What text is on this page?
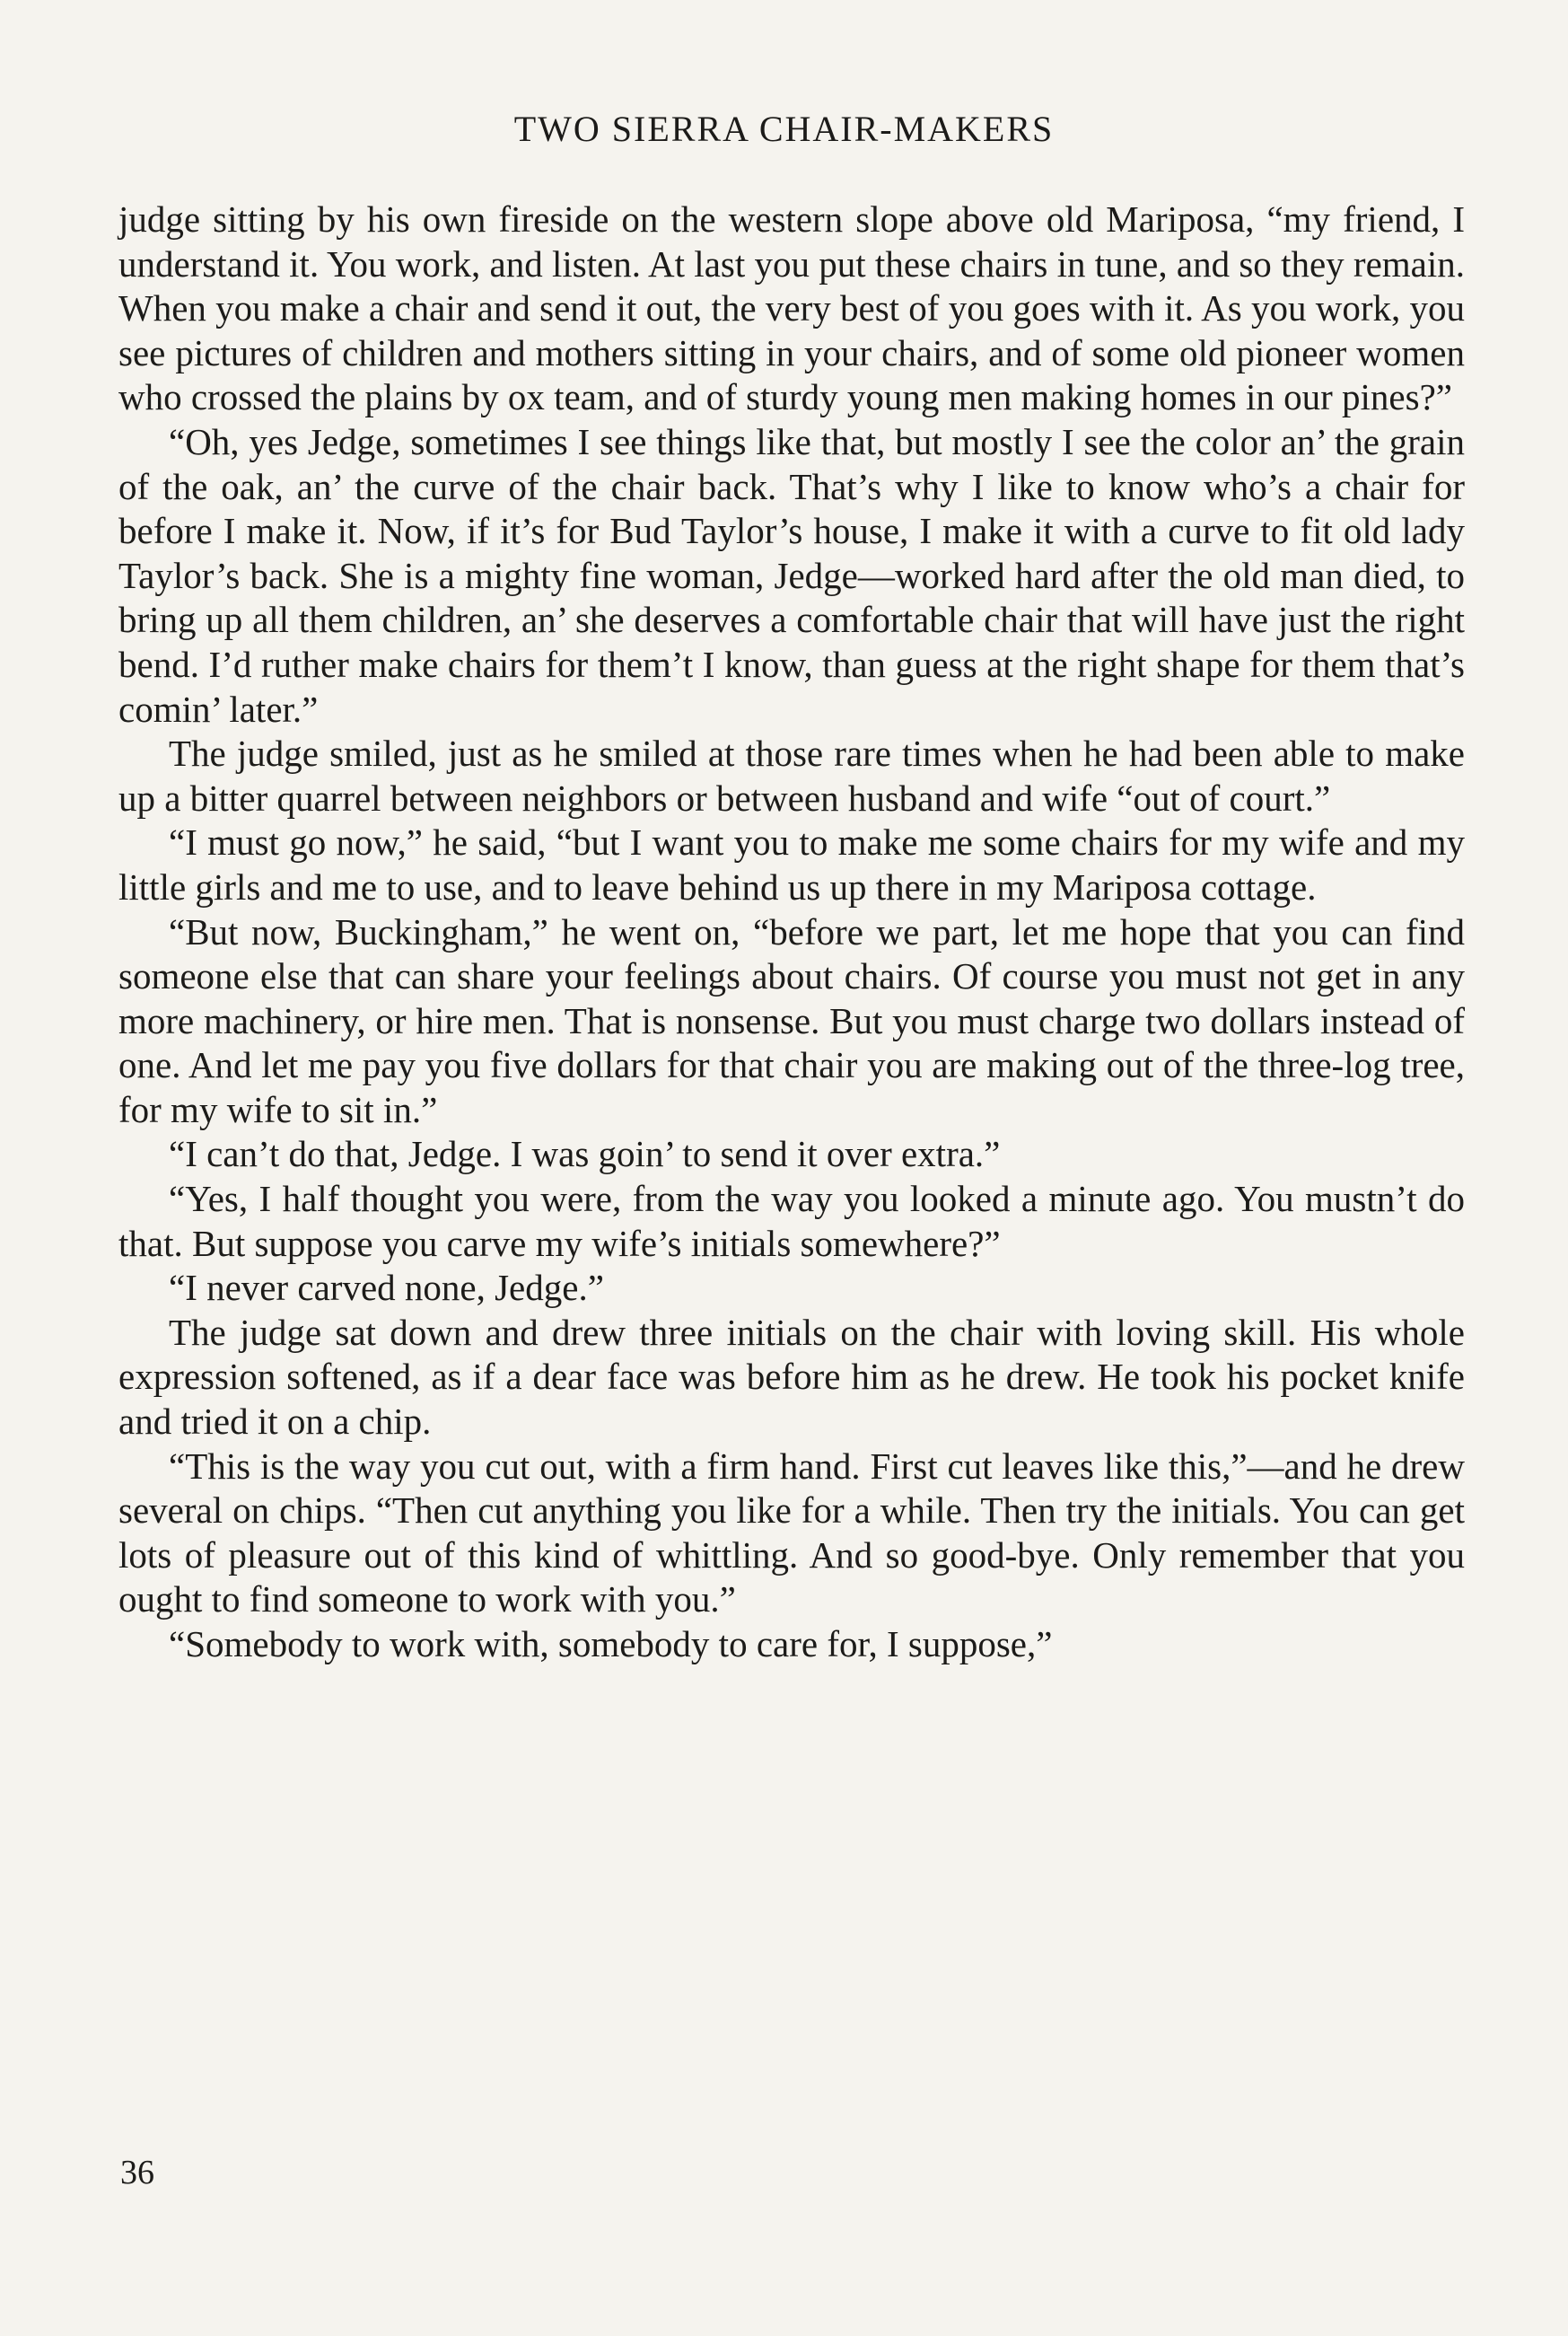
TWO SIERRA CHAIR-MAKERS

judge sitting by his own fireside on the western slope above old Mariposa, “my friend, I understand it. You work, and listen. At last you put these chairs in tune, and so they remain. When you make a chair and send it out, the very best of you goes with it. As you work, you see pictures of children and mothers sitting in your chairs, and of some old pioneer women who crossed the plains by ox team, and of sturdy young men making homes in our pines?”

“Oh, yes Jedge, sometimes I see things like that, but mostly I see the color an’ the grain of the oak, an’ the curve of the chair back. That’s why I like to know who’s a chair for before I make it. Now, if it’s for Bud Taylor’s house, I make it with a curve to fit old lady Taylor’s back. She is a mighty fine woman, Jedge—worked hard after the old man died, to bring up all them children, an’ she deserves a comfortable chair that will have just the right bend. I’d ruther make chairs for them’t I know, than guess at the right shape for them that’s comin’ later.”

The judge smiled, just as he smiled at those rare times when he had been able to make up a bitter quarrel between neighbors or between husband and wife “out of court.”

“I must go now,” he said, “but I want you to make me some chairs for my wife and my little girls and me to use, and to leave behind us up there in my Mariposa cottage.

“But now, Buckingham,” he went on, “before we part, let me hope that you can find someone else that can share your feelings about chairs. Of course you must not get in any more machinery, or hire men. That is nonsense. But you must charge two dollars instead of one. And let me pay you five dollars for that chair you are making out of the three-log tree, for my wife to sit in.”

“I can’t do that, Jedge. I was goin’ to send it over extra.”

“Yes, I half thought you were, from the way you looked a minute ago. You mustn’t do that. But suppose you carve my wife’s initials somewhere?”

“I never carved none, Jedge.”

The judge sat down and drew three initials on the chair with loving skill. His whole expression softened, as if a dear face was before him as he drew. He took his pocket knife and tried it on a chip.

“This is the way you cut out, with a firm hand. First cut leaves like this,”—and he drew several on chips. “Then cut anything you like for a while. Then try the initials. You can get lots of pleasure out of this kind of whittling. And so good-bye. Only remember that you ought to find someone to work with you.”

“Somebody to work with, somebody to care for, I suppose,”

36
